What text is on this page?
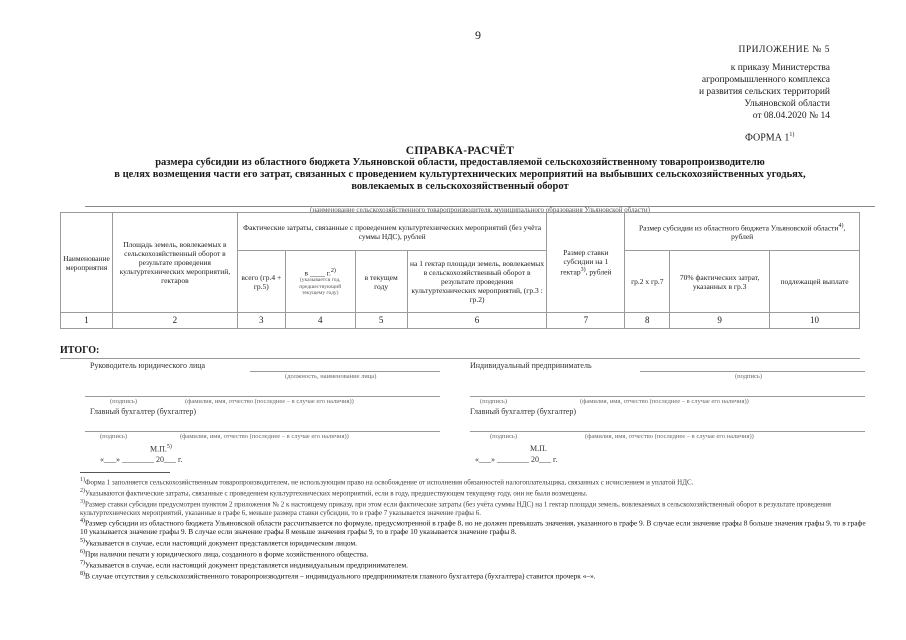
9
ПРИЛОЖЕНИЕ № 5
к приказу Министерства
агропромышленного комплекса
и развития сельских территорий
Ульяновской области
от 08.04.2020 № 14
ФОРМА 1$^{1)}$
СПРАВКА-РАСЧЁТ
размера субсидии из областного бюджета Ульяновской области, предоставляемой сельскохозяйственному товаропроизводителю
в целях возмещения части его затрат, связанных с проведением культуртехнических мероприятий на выбывших сельскохозяйственных угодьях,
вовлекаемых в сельскохозяйственный оборот
(наименование сельскохозяйственного товаропроизводителя, муниципального образования Ульяновской области)
Наименование мероприятия	Площадь земель, вовлекаемых в сельскохозяйственный оборот в результате проведения культуртехнических мероприятий, гектаров	Фактические затраты, связанные с проведением культуртехнических мероприятий (без учёта суммы НДС), рублей				Размер ставки субсидии на 1 гектар$^{3)}$, рублей	Размер субсидии из областного бюджета Ульяновской области$^{4)}$, рублей		
		всего (гр.4 + гр.5)	в ____ г.$^{2)}$
(указывается год, предшествующий текущему году)	в текущем году	на 1 гектар площади земель, вовлекаемых в сельскохозяйственный оборот в результате проведения культуртехнических мероприятий, (гр.3 : гр.2)		гр.2 х гр.7	70% фактических затрат, указанных в гр.3	подлежащей выплате
1	2	3	4	5	6	7	8	9	10
ИТОГО:
Руководитель юридического лица
(должность, наименование лица)
(подпись)	(фамилия, имя, отчество (последнее – в случае его наличия))
Главный бухгалтер (бухгалтер)
(подпись)	(фамилия, имя, отчество (последнее – в случае его наличия))
М.П.$^{5)}$
«___» ________ 20___ г.
Индивидуальный предприниматель
(подпись)
(подпись)	(фамилия, имя, отчество (последнее – в случае его наличия))
Главный бухгалтер (бухгалтер)
(подпись)	(фамилия, имя, отчество (последнее – в случае его наличия))
М.П.
«___» ________ 20___ г.

$^{1)}$Форма 1 заполняется сельскохозяйственным товаропроизводителем, не использующим право на освобождение от исполнения обязанностей налогоплательщика, связанных с исчислением и уплатой НДС.

$^{2)}$Указываются фактические затраты, связанные с проведением культуртехнических мероприятий, если в году, предшествующем текущему году, они не были возмещены.

$^{3)}$Размер ставки субсидии предусмотрен пунктом 2 приложения № 2 к настоящему приказу, при этом если фактические затраты (без учёта суммы НДС) на 1 гектар площади земель, вовлекаемых в сельскохозяйственный оборот в результате проведения культуртехнических мероприятий, указанные в графе 6, меньше размера ставки субсидии, то в графе 7 указывается значение графы 6.

$^{4)}$Размер субсидии из областного бюджета Ульяновской области рассчитывается по формуле, предусмотренной в графе 8, но не должен превышать значения, указанного в графе 9. В случае если значение графы 8 больше значения графы 9, то в графе 10 указывается значение графы 9. В случае если значение графы 8 меньше значения графы 9, то в графе 10 указывается значение графы 8.

$^{5)}$Указывается в случае, если настоящий документ представляется юридическим лицом.

$^{6)}$При наличии печати у юридического лица, созданного в форме хозяйственного общества.

$^{7)}$Указывается в случае, если настоящий документ представляется индивидуальным предпринимателем.

$^{8)}$В случае отсутствия у сельскохозяйственного товаропроизводителя – индивидуального предпринимателя главного бухгалтера (бухгалтера) ставится прочерк «–».
